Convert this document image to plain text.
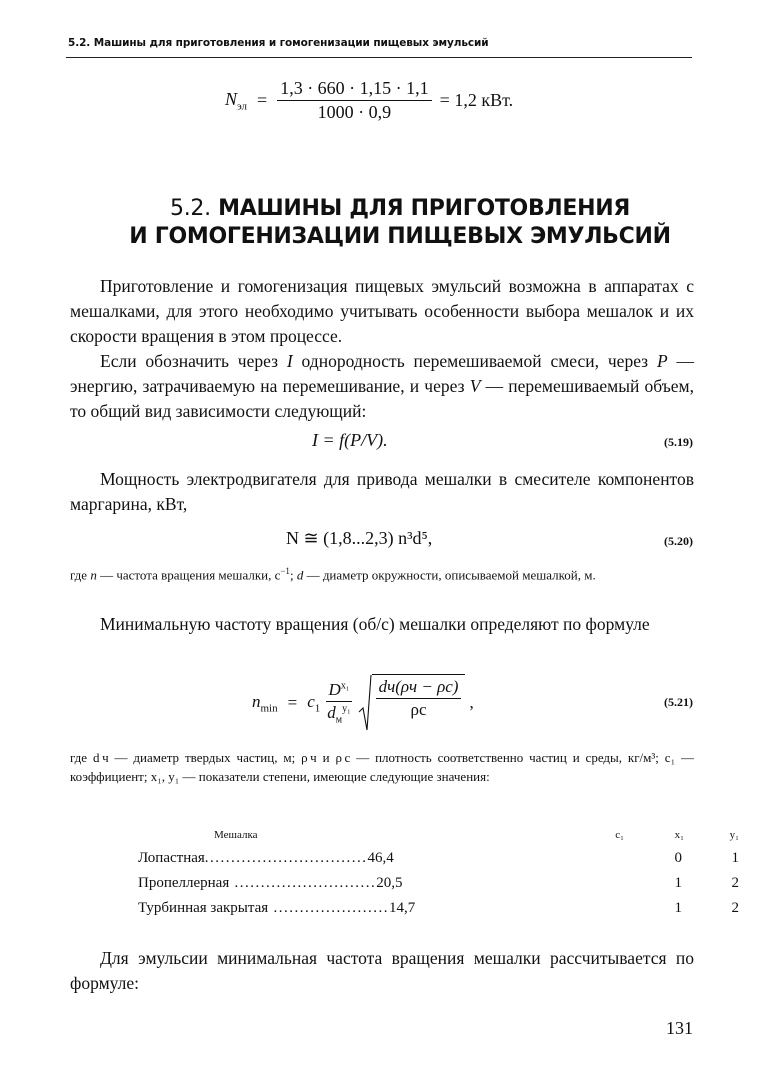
5.2. Машины для приготовления и гомогенизации пищевых эмульсий
$N_{эл} = \frac{1,3 \cdot 660 \cdot 1,15 \cdot 1,1}{1000 \cdot 0,9} = 1,2$ кВт.
5.2. МАШИНЫ ДЛЯ ПРИГОТОВЛЕНИЯ
И ГОМОГЕНИЗАЦИИ ПИЩЕВЫХ ЭМУЛЬСИЙ
Приготовление и гомогенизация пищевых эмульсий возможна в аппаратах с мешалками, для этого необходимо учитывать особенности выбора мешалок и их скорости вращения в этом процессе.
Если обозначить через I однородность перемешиваемой смеси, через P — энергию, затрачиваемую на перемешивание, и через V — перемешиваемый объем, то общий вид зависимости следующий:
I = f(P/V).	(5.19)
Мощность электродвигателя для привода мешалки в смесителе компонентов маргарина, кВт,
N ≅ (1,8...2,3) n³d⁵,	(5.20)
где n — частота вращения мешалки, $с^{-1}$; d — диаметр окружности, описываемой мешалкой, м.
Минимальную частоту вращения (об/с) мешалки определяют по формуле
$n_{min} = c_1 \frac{D^{x_1}}{d_м^{y_1}} \frac{dч(\rho ч - \rho c)}{\rho c}$ ,	(5.21)
где d ч — диаметр твердых частиц, м; ρ ч и ρ c — плотность соответственно частиц и среды, кг/м³; c₁ — коэффициент; x₁, y₁ — показатели степени, имеющие следующие значения:
Мешалка	c₁	x₁	y₁
Лопастная...............................46,4		0	1
Пропеллерная ...........................20,5		1	2
Турбинная закрытая ......................14,7		1	2
Для эмульсии минимальная частота вращения мешалки рассчитывается по формуле:
131
